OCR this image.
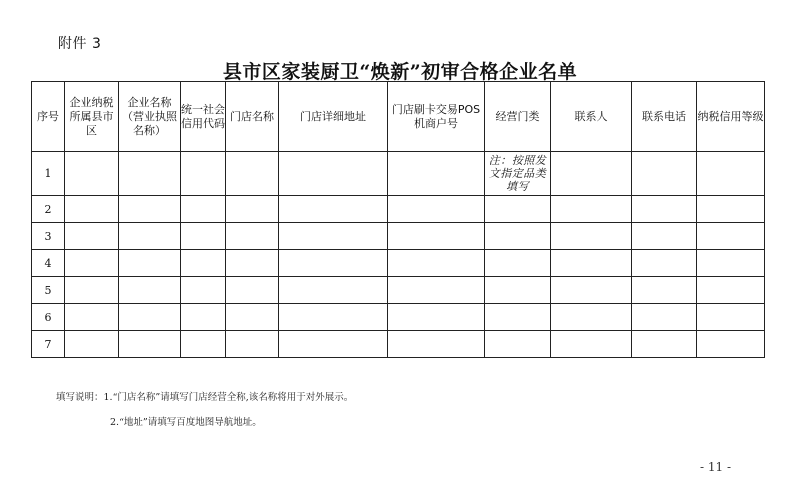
附件 3
县市区家装厨卫“焕新”初审合格企业名单
序号	企业纳税所属县市区	企业名称（营业执照名称）	统一社会信用代码	门店名称	门店详细地址	门店刷卡交易POS机商户号	经营门类	联系人	联系电话	纳税信用等级
1							注：按照发文指定品类填写			
2										
3										
4										
5										
6										
7										
填写说明：1.“门店名称”请填写门店经营全称,该名称将用于对外展示。
2.“地址”请填写百度地图导航地址。
- 11 -
